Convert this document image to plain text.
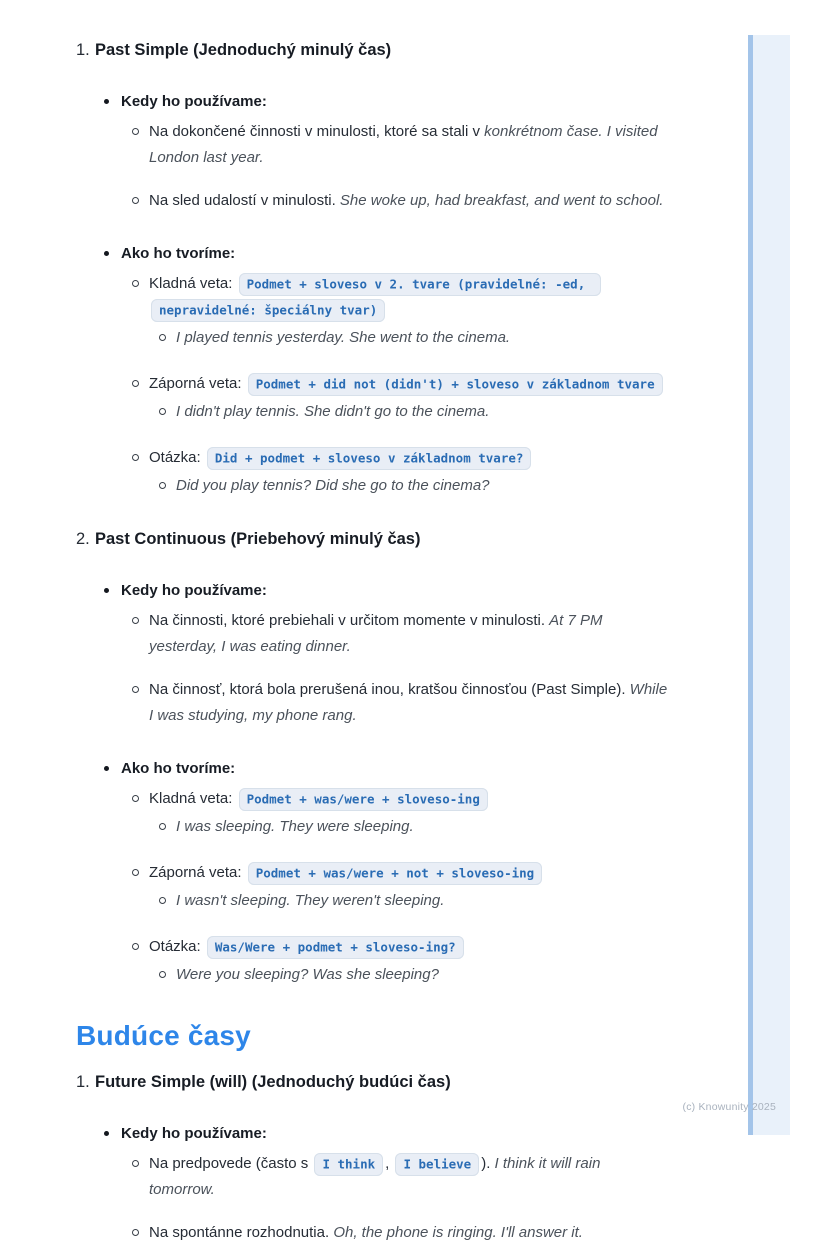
1. Past Simple (Jednoduchý minulý čas)
Kedy ho používame:
Na dokončené činnosti v minulosti, ktoré sa stali v konkrétnom čase. I visited London last year.
Na sled udalostí v minulosti. She woke up, had breakfast, and went to school.
Ako ho tvoríme:
Kladná veta: Podmet + sloveso v 2. tvare (pravidelné: -ed, nepravidelné: špeciálny tvar)
I played tennis yesterday. She went to the cinema.
Záporná veta: Podmet + did not (didn't) + sloveso v základnom tvare
I didn't play tennis. She didn't go to the cinema.
Otázka: Did + podmet + sloveso v základnom tvare?
Did you play tennis? Did she go to the cinema?
2. Past Continuous (Priebehový minulý čas)
Kedy ho používame:
Na činnosti, ktoré prebiehali v určitom momente v minulosti. At 7 PM yesterday, I was eating dinner.
Na činnosť, ktorá bola prerušená inou, kratšou činnosťou (Past Simple). While I was studying, my phone rang.
Ako ho tvoríme:
Kladná veta: Podmet + was/were + sloveso-ing
I was sleeping. They were sleeping.
Záporná veta: Podmet + was/were + not + sloveso-ing
I wasn't sleeping. They weren't sleeping.
Otázka: Was/Were + podmet + sloveso-ing?
Were you sleeping? Was she sleeping?
Budúce časy
1. Future Simple (will) (Jednoduchý budúci čas)
Kedy ho používame:
Na predpovede (často s I think , I believe ). I think it will rain tomorrow.
Na spontánne rozhodnutia. Oh, the phone is ringing. I'll answer it.
(c) Knowunity 2025
